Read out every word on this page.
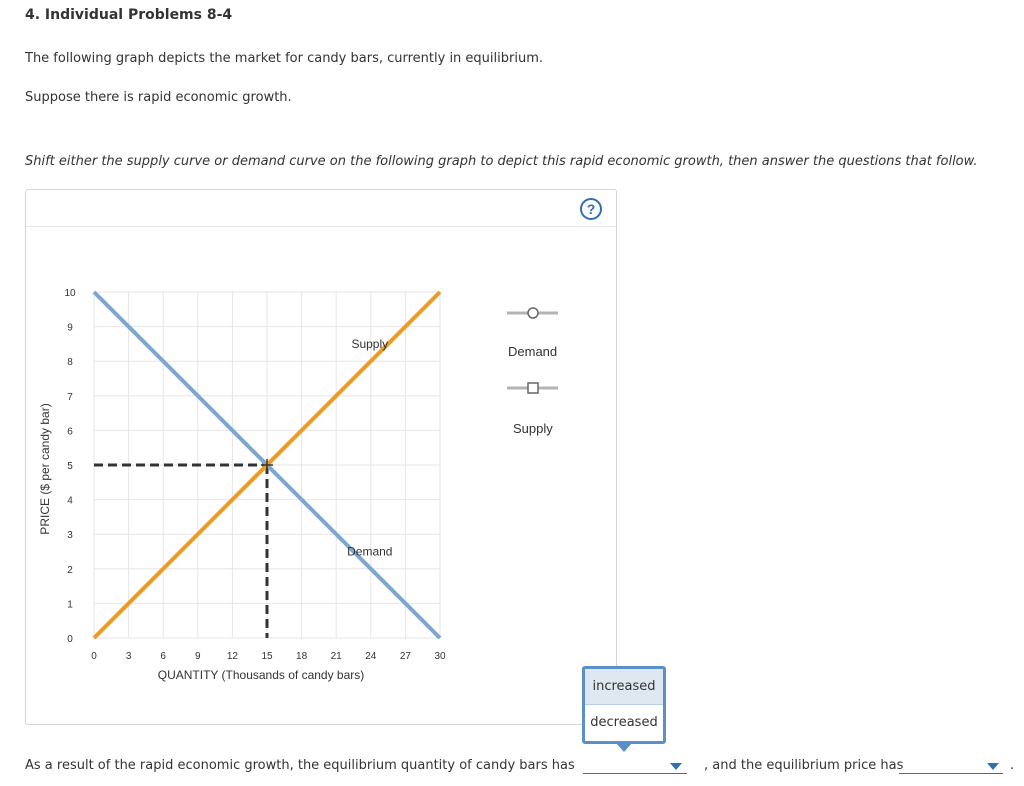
4. Individual Problems 8-4
The following graph depicts the market for candy bars, currently in equilibrium.
Suppose there is rapid economic growth.
Shift either the supply curve or demand curve on the following graph to depict this rapid economic growth, then answer the questions that follow.
?
0	3	6	9	12 15 18 21 24 27 30
0
1
2
3
4
5
6
7
8
9
10
QUANTITY (Thousands of candy bars)
PRICE ($ per candy bar)
Demand
Supply
Demand
Supply
increased
decreased
As a result of the rapid economic growth, the equilibrium quantity of candy bars has	, and the equilibrium price has	.
